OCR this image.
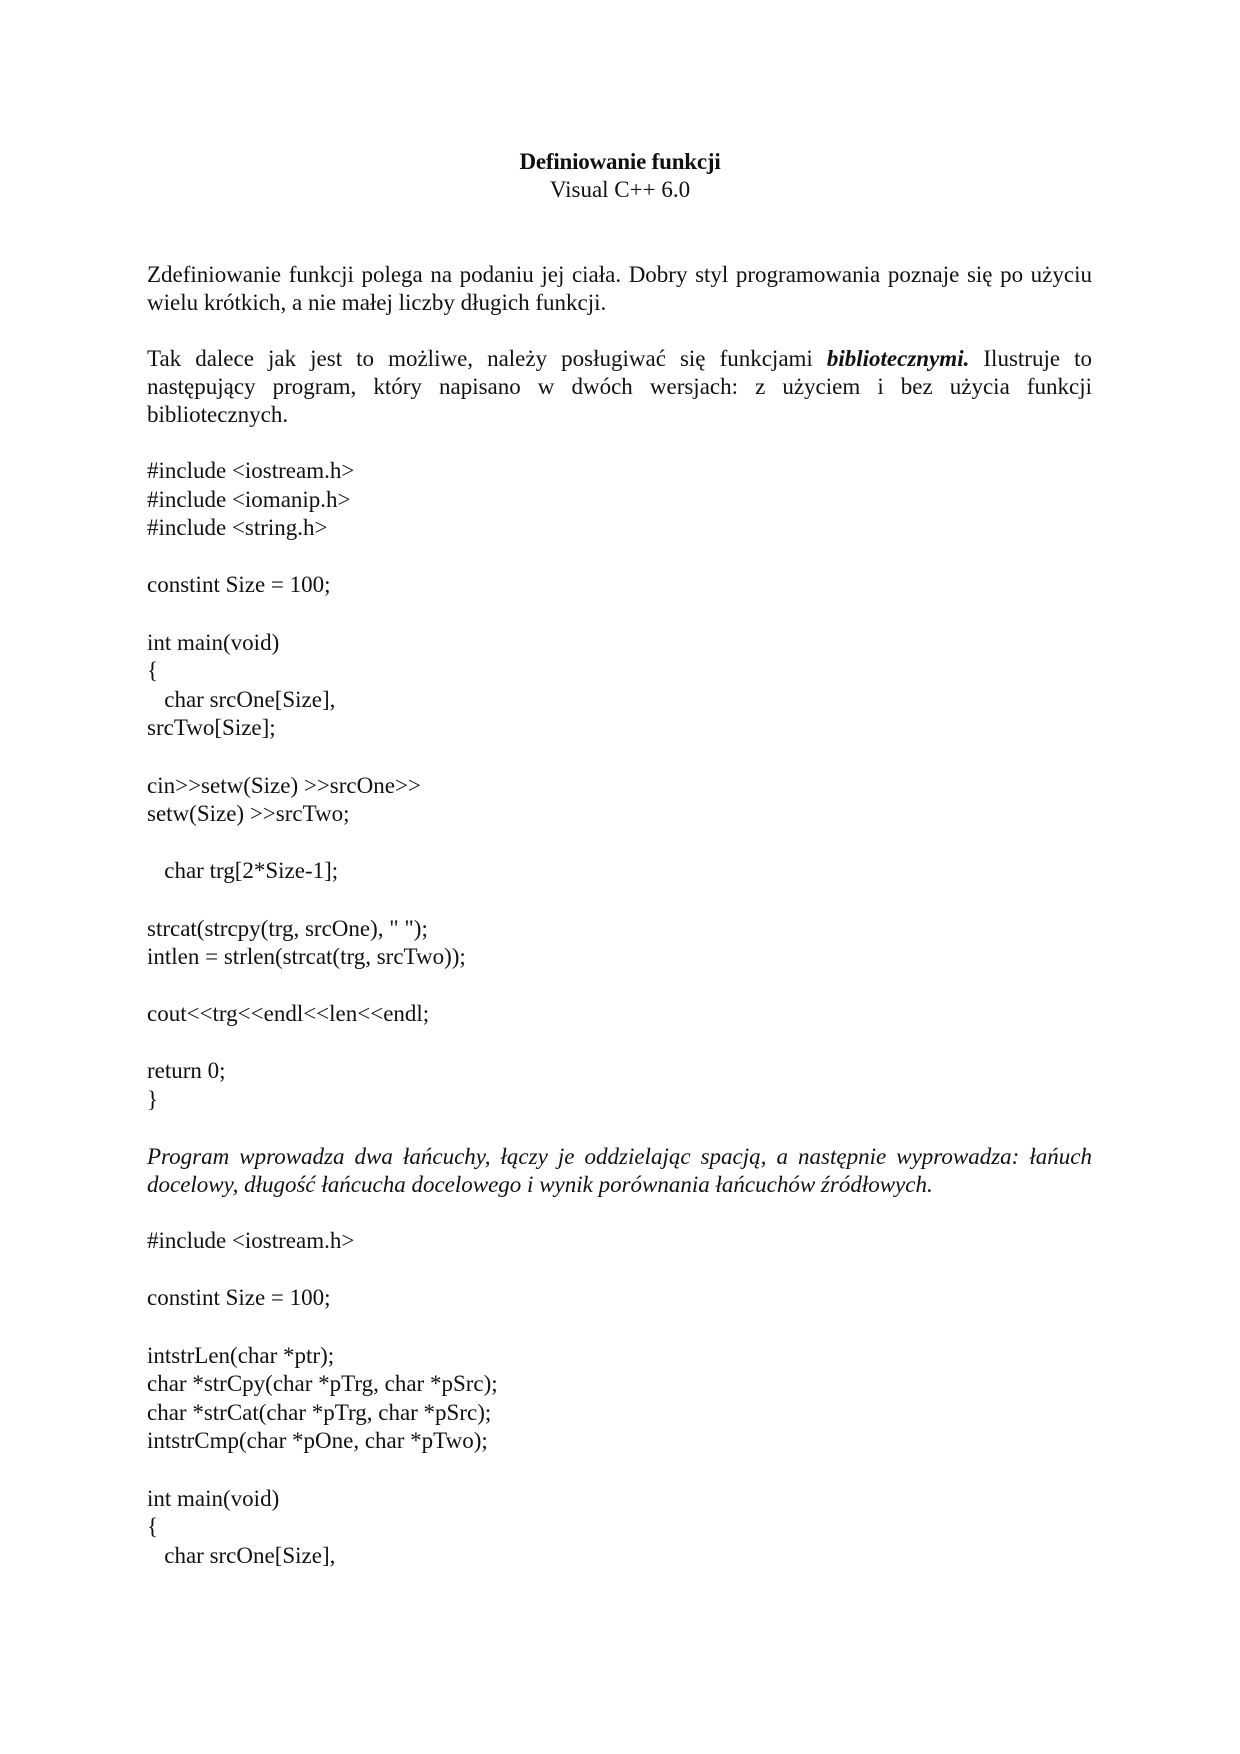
Definiowanie funkcji
Visual C++ 6.0

Zdefiniowanie funkcji polega na podaniu jej ciała. Dobry styl programowania poznaje się po użyciu wielu krótkich, a nie małej liczby długich funkcji.

Tak dalece jak jest to możliwe, należy posługiwać się funkcjami bibliotecznymi. Ilustruje to następujący program, który napisano w dwóch wersjach: z użyciem i bez użycia funkcji bibliotecznych.

#include <iostream.h>
#include <iomanip.h>
#include <string.h>
constint Size = 100;
int main(void)
{
char srcOne[Size],
srcTwo[Size];
cin>>setw(Size) >>srcOne>>
setw(Size) >>srcTwo;
char trg[2*Size-1];
strcat(strcpy(trg, srcOne), " ");
intlen = strlen(strcat(trg, srcTwo));
cout<<trg<<endl<<len<<endl;
return 0;
}

Program wprowadza dwa łańcuchy, łączy je oddzielając spacją, a następnie wyprowadza: łańuch docelowy, długość łańcucha docelowego i wynik porównania łańcuchów źródłowych.

#include <iostream.h>
constint Size = 100;
intstrLen(char *ptr);
char *strCpy(char *pTrg, char *pSrc);
char *strCat(char *pTrg, char *pSrc);
intstrCmp(char *pOne, char *pTwo);
int main(void)
{
char srcOne[Size],
